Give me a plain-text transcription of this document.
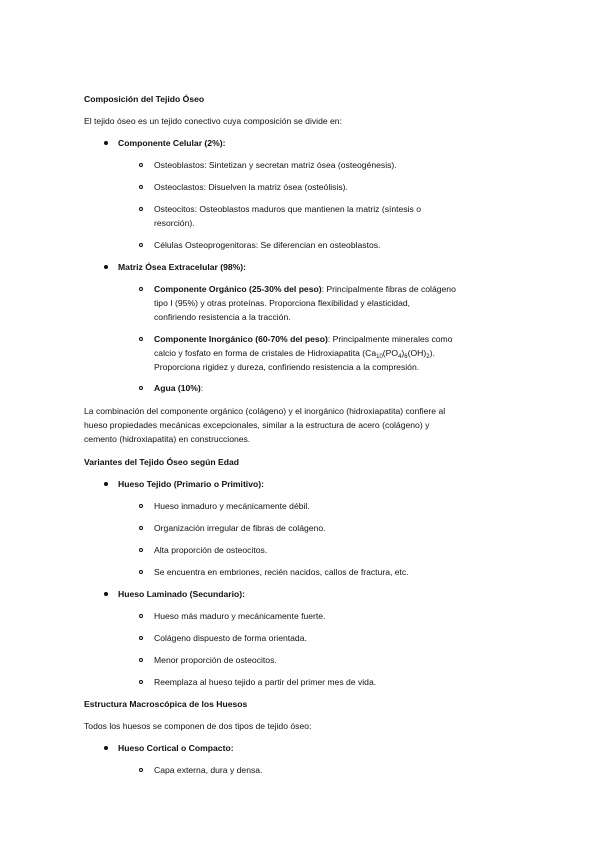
Composición del Tejido Óseo
El tejido óseo es un tejido conectivo cuya composición se divide en:
Componente Celular (2%):
Osteoblastos: Sintetizan y secretan matriz ósea (osteogénesis).
Osteoclastos: Disuelven la matriz ósea (osteólisis).
Osteocitos: Osteoblastos maduros que mantienen la matriz (síntesis o
resorción).
Células Osteoprogenitoras: Se diferencian en osteoblastos.
Matriz Ósea Extracelular (98%):
Componente Orgánico (25-30% del peso): Principalmente fibras de colágeno
tipo I (95%) y otras proteínas. Proporciona flexibilidad y elasticidad,
confiriendo resistencia a la tracción.
Componente Inorgánico (60-70% del peso): Principalmente minerales como
calcio y fosfato en forma de cristales de Hidroxiapatita $(Ca_{10}(PO_4)_6(OH)_2)$.
Proporciona rigidez y dureza, confiriendo resistencia a la compresión.
Agua (10%):
La combinación del componente orgánico (colágeno) y el inorgánico (hidroxiapatita) confiere al
hueso propiedades mecánicas excepcionales, similar a la estructura de acero (colágeno) y
cemento (hidroxiapatita) en construcciones.
Variantes del Tejido Óseo según Edad
Hueso Tejido (Primario o Primitivo):
Hueso inmaduro y mecánicamente débil.
Organización irregular de fibras de colágeno.
Alta proporción de osteocitos.
Se encuentra en embriones, recién nacidos, callos de fractura, etc.
Hueso Laminado (Secundario):
Hueso más maduro y mecánicamente fuerte.
Colágeno dispuesto de forma orientada.
Menor proporción de osteocitos.
Reemplaza al hueso tejido a partir del primer mes de vida.
Estructura Macroscópica de los Huesos
Todos los huesos se componen de dos tipos de tejido óseo:
Hueso Cortical o Compacto:
Capa externa, dura y densa.
